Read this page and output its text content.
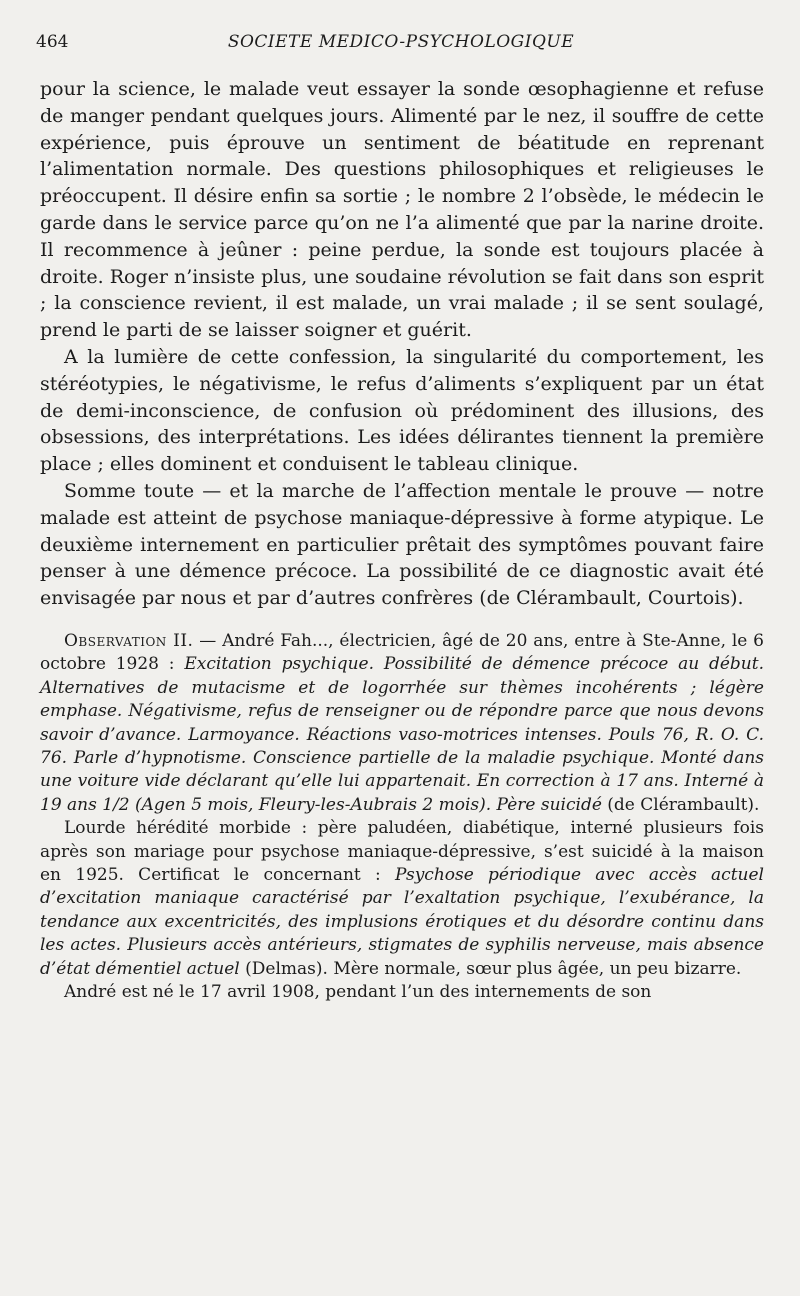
464	SOCIETE MEDICO-PSYCHOLOGIQUE

pour la science, le malade veut essayer la sonde œsophagienne et refuse de manger pendant quelques jours. Alimenté par le nez, il souffre de cette expérience, puis éprouve un sentiment de béatitude en reprenant l’alimentation normale. Des questions philosophiques et religieuses le préoccupent. Il désire enfin sa sortie ; le nombre 2 l’obsède, le médecin le garde dans le service parce qu’on ne l’a alimenté que par la narine droite. Il recommence à jeûner : peine perdue, la sonde est toujours placée à droite. Roger n’insiste plus, une soudaine révolution se fait dans son esprit ; la conscience revient, il est malade, un vrai malade ; il se sent soulagé, prend le parti de se laisser soigner et guérit.

A la lumière de cette confession, la singularité du comportement, les stéréotypies, le négativisme, le refus d’aliments s’expliquent par un état de demi-inconscience, de confusion où prédominent des illusions, des obsessions, des interprétations. Les idées délirantes tiennent la première place ; elles dominent et conduisent le tableau clinique.

Somme toute — et la marche de l’affection mentale le prouve — notre malade est atteint de psychose maniaque-dépressive à forme atypique. Le deuxième internement en particulier prêtait des symptômes pouvant faire penser à une démence précoce. La possibilité de ce diagnostic avait été envisagée par nous et par d’autres confrères (de Clérambault, Courtois).

Observation II. — André Fah..., électricien, âgé de 20 ans, entre à Ste-Anne, le 6 octobre 1928 : Excitation psychique. Possibilité de démence précoce au début. Alternatives de mutacisme et de logorrhée sur thèmes incohérents ; légère emphase. Négativisme, refus de renseigner ou de répondre parce que nous devons savoir d’avance. Larmoyance. Réactions vaso-motrices intenses. Pouls 76, R. O. C. 76. Parle d’hypnotisme. Conscience partielle de la maladie psychique. Monté dans une voiture vide déclarant qu’elle lui appartenait. En correction à 17 ans. Interné à 19 ans 1/2 (Agen 5 mois, Fleury-les-Aubrais 2 mois). Père suicidé (de Clérambault).

Lourde hérédité morbide : père paludéen, diabétique, interné plusieurs fois après son mariage pour psychose maniaque-dépressive, s’est suicidé à la maison en 1925. Certificat le concernant : Psychose périodique avec accès actuel d’excitation maniaque caractérisé par l’exaltation psychique, l’exubérance, la tendance aux excentricités, des implusions érotiques et du désordre continu dans les actes. Plusieurs accès antérieurs, stigmates de syphilis nerveuse, mais absence d’état démentiel actuel (Delmas). Mère normale, sœur plus âgée, un peu bizarre.

André est né le 17 avril 1908, pendant l’un des internements de son
